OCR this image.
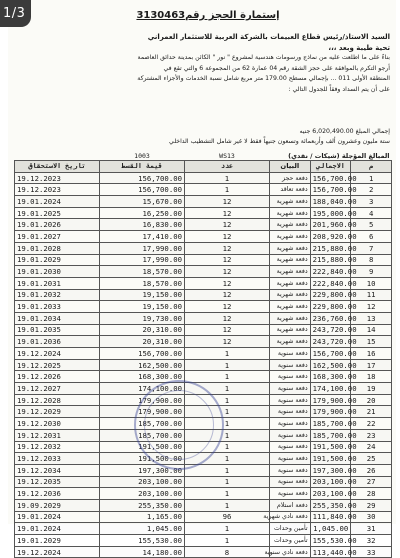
1/3	إستمارة الحجز رقم3130463
السيد الاستاذ/رئيس قطاع العبيمات بالشركة العربية للاستثمار العمراني
تحية طيبة وبعد ،،،
بناءً على ما اطلعت عليه من نماذج ورسومات هندسية لمشروع " نور " الكائن بمدينة حدائق العاصمة
أرجو التكرم بالموافقة على حجز الشقة رقم 04 عمارة 62 من المجموعة 6 والتي تقع في
المنطقة الأولى 011 ... بإجمالي مسطح 179.00 متر مربع شامل نسبة الخدمات والأجزاء المشتركة
على أن يتم السداد وفقاً للجدول التالي :
إجمالي المبلغ 6,020,490.00 جنيه
ستة مليون وعشرون ألف وأربعمائة وتسعون جنيهاً فقط لا غير شامل التشطيب الداخلي
	1003	WS13	المبالغ المؤجلة (شيكات / نقدي)		
تاريخ الاستحقاق	قيمة القسط	عدد	البيان	الاجمالي	م
19.12.2023	156,700.00	1	دفعة حجز	156,700.00	1
19.12.2023	156,700.00	1	دفعة تعاقد	156,700.00	2
19.01.2024	15,670.00	12	دفعة شهرية	188,040.00	3
19.01.2025	16,250.00	12	دفعة شهرية	195,000.00	4
19.01.2026	16,830.00	12	دفعة شهرية	201,960.00	5
19.01.2027	17,410.00	12	دفعة شهرية	208,920.00	6
19.01.2028	17,990.00	12	دفعة شهرية	215,880.00	7
19.01.2029	17,990.00	12	دفعة شهرية	215,880.00	8
19.01.2030	18,570.00	12	دفعة شهرية	222,840.00	9
19.01.2031	18,570.00	12	دفعة شهرية	222,840.00	10
19.01.2032	19,150.00	12	دفعة شهرية	229,800.00	11
19.01.2033	19,150.00	12	دفعة شهرية	229,800.00	12
19.01.2034	19,730.00	12	دفعة شهرية	236,760.00	13
19.01.2035	20,310.00	12	دفعة شهرية	243,720.00	14
19.01.2036	20,310.00	12	دفعة شهرية	243,720.00	15
19.12.2024	156,700.00	1	دفعة سنوية	156,700.00	16
19.12.2025	162,500.00	1	دفعة سنوية	162,500.00	17
19.12.2026	168,300.00	1	دفعة سنوية	168,300.00	18
19.12.2027	174,100.00	1	دفعة سنوية	174,100.00	19
19.12.2028	179,900.00	1	دفعة سنوية	179,900.00	20
19.12.2029	179,900.00	1	دفعة سنوية	179,900.00	21
19.12.2030	185,700.00	1	دفعة سنوية	185,700.00	22
19.12.2031	185,700.00	1	دفعة سنوية	185,700.00	23
19.12.2032	191,500.00	1	دفعة سنوية	191,500.00	24
19.12.2033	191,500.00	1	دفعة سنوية	191,500.00	25
19.12.2034	197,300.00	1	دفعة سنوية	197,300.00	26
19.12.2035	203,100.00	1	دفعة سنوية	203,100.00	27
19.12.2036	203,100.00	1	دفعة سنوية	203,100.00	28
19.09.2029	255,350.00	1	دفعة استلام	255,350.00	29
19.01.2024	1,165.00	96	دفعة نادي شهرية	111,840.00	30
19.01.2024	1,045.00	1	تأمين وحدات	1,045.00	31
19.01.2029	155,530.00	1	تأمين وحدات	155,530.00	32
19.12.2024	14,180.00	8	دفعة نادي سنوية	113,440.00	33
